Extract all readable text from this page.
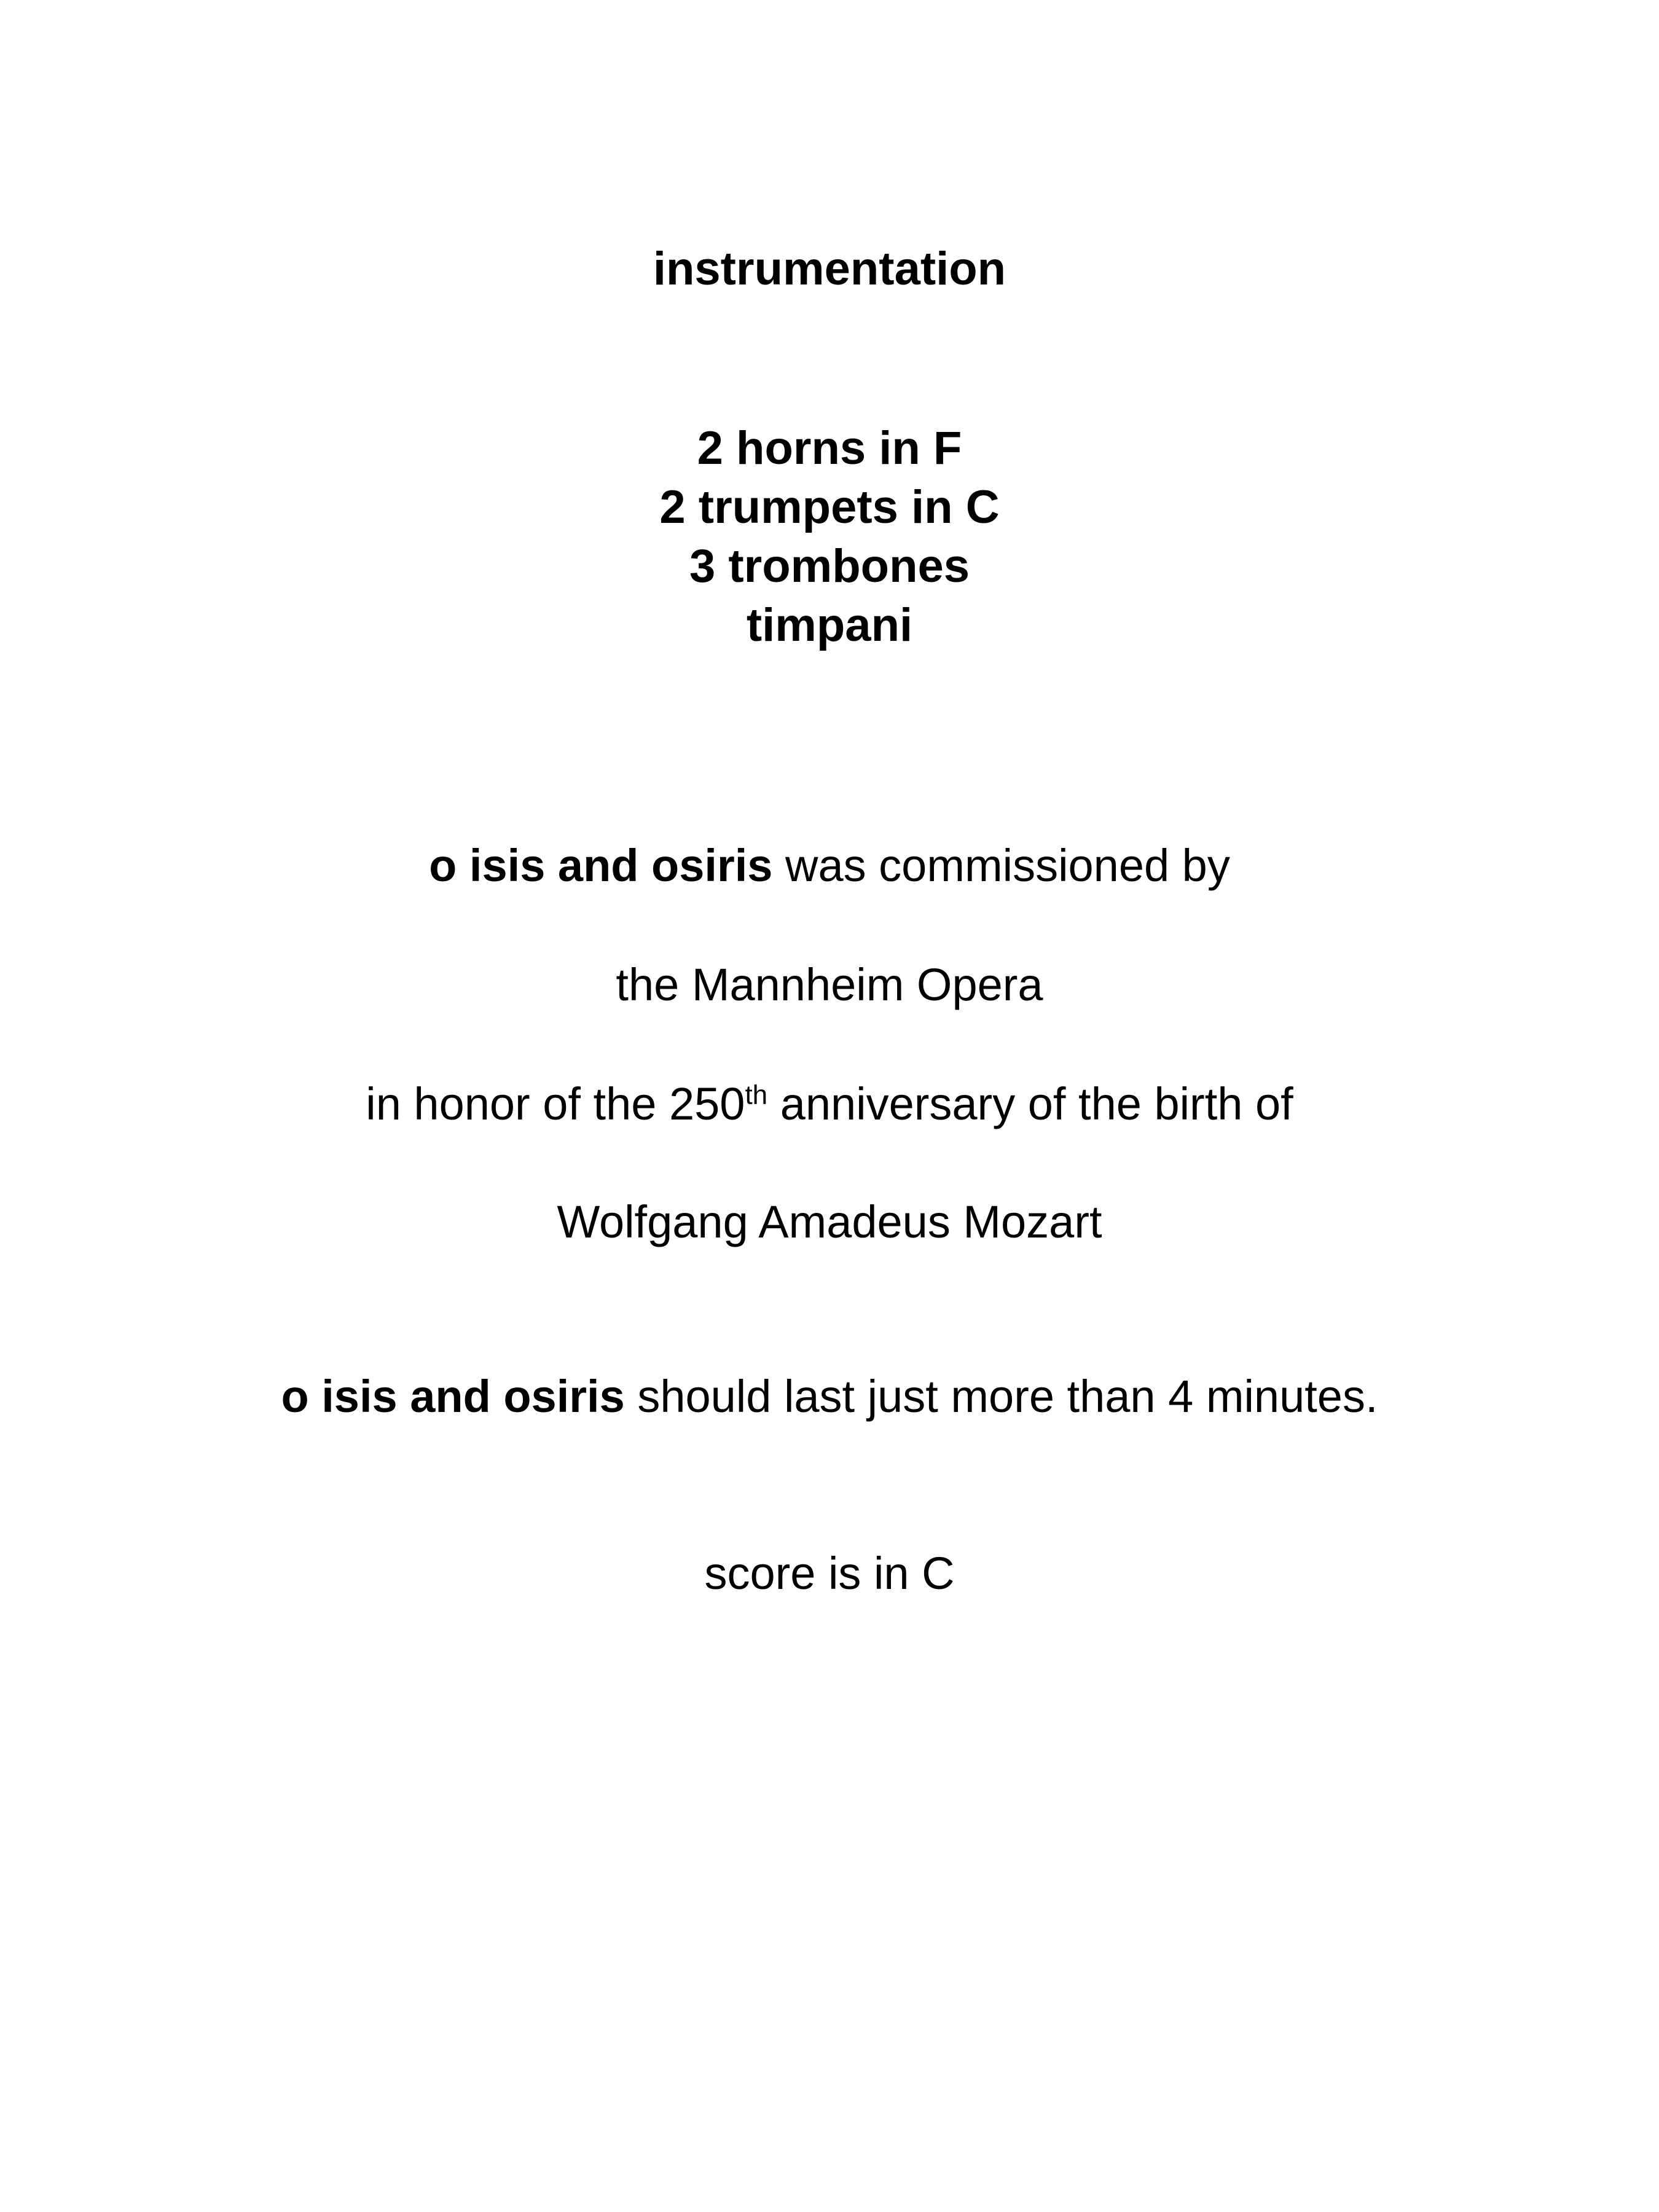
instrumentation
2 horns in F
2 trumpets in C
3 trombones
timpani
o isis and osiris was commissioned by
the Mannheim Opera
in honor of the 250th anniversary of the birth of
Wolfgang Amadeus Mozart
o isis and osiris should last just more than 4 minutes.
score is in C
